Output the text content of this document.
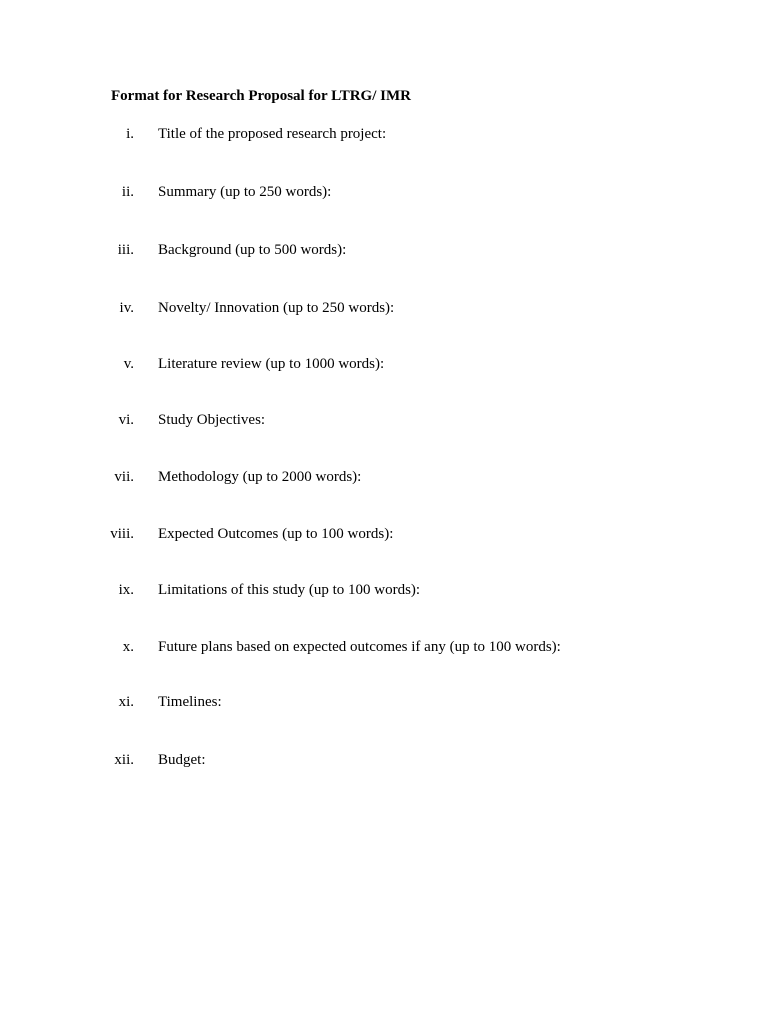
Format for Research Proposal for LTRG/ IMR
i. Title of the proposed research project:
ii. Summary (up to 250 words):
iii. Background (up to 500 words):
iv. Novelty/ Innovation (up to 250 words):
v. Literature review (up to 1000 words):
vi. Study Objectives:
vii. Methodology (up to 2000 words):
viii. Expected Outcomes (up to 100 words):
ix. Limitations of this study (up to 100 words):
x. Future plans based on expected outcomes if any (up to 100 words):
xi. Timelines:
xii. Budget:
